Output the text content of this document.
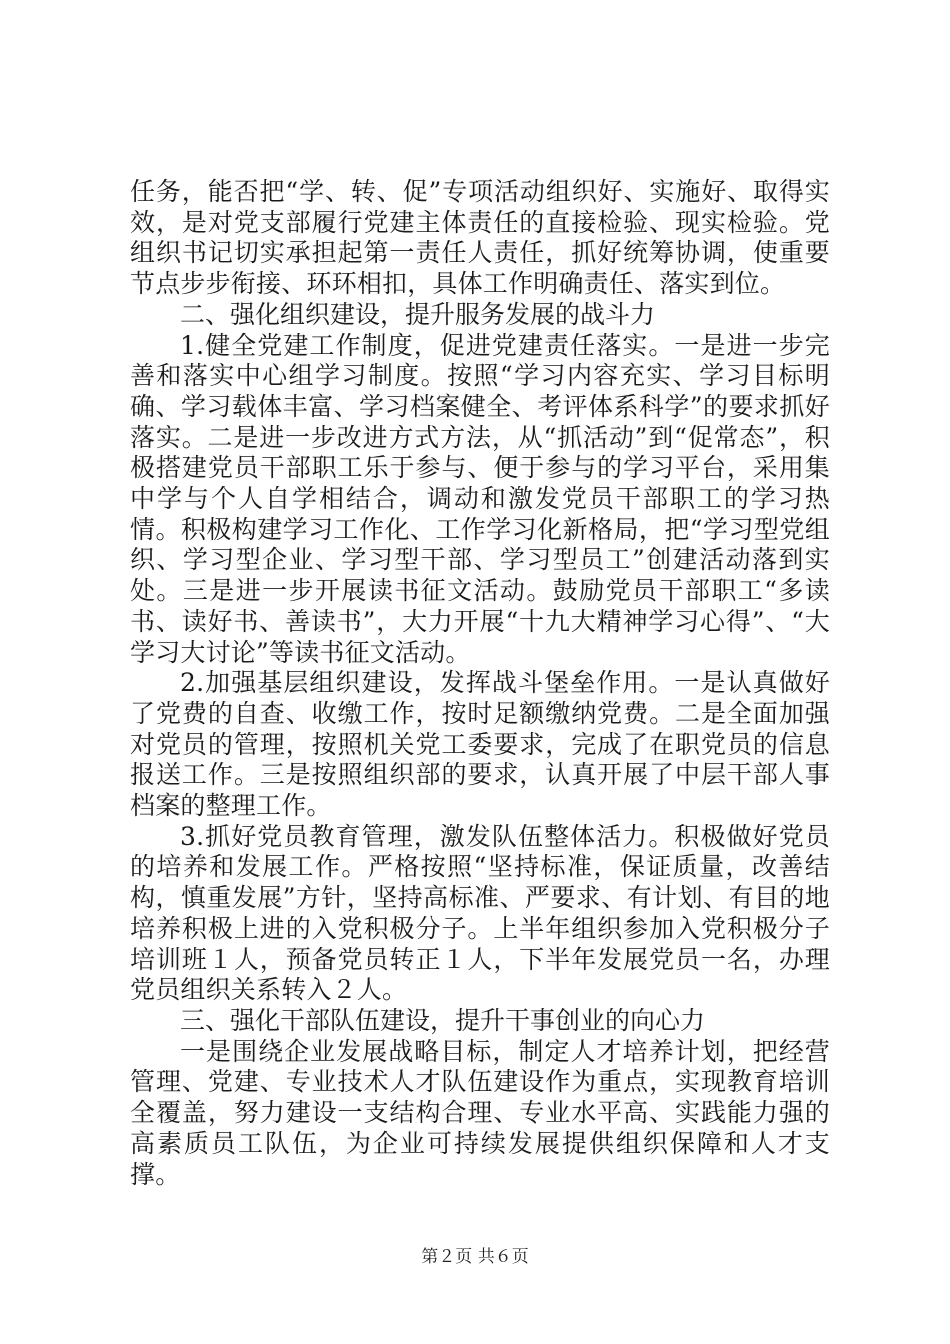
任务，能否把“学、转、促”专项活动组织好、实施好、取得实效，是对党支部履行党建主体责任的直接检验、现实检验。党组织书记切实承担起第一责任人责任，抓好统筹协调，使重要节点步步衔接、环环相扣，具体工作明确责任、落实到位。

二、强化组织建设，提升服务发展的战斗力

1.健全党建工作制度，促进党建责任落实。一是进一步完善和落实中心组学习制度。按照“学习内容充实、学习目标明确、学习载体丰富、学习档案健全、考评体系科学”的要求抓好落实。二是进一步改进方式方法，从“抓活动”到“促常态”，积极搭建党员干部职工乐于参与、便于参与的学习平台，采用集中学与个人自学相结合，调动和激发党员干部职工的学习热情。积极构建学习工作化、工作学习化新格局，把“学习型党组织、学习型企业、学习型干部、学习型员工”创建活动落到实处。三是进一步开展读书征文活动。鼓励党员干部职工“多读书、读好书、善读书”，大力开展“十九大精神学习心得”、“大学习大讨论”等读书征文活动。

2.加强基层组织建设，发挥战斗堡垒作用。一是认真做好了党费的自查、收缴工作，按时足额缴纳党费。二是全面加强对党员的管理，按照机关党工委要求，完成了在职党员的信息报送工作。三是按照组织部的要求，认真开展了中层干部人事档案的整理工作。

3.抓好党员教育管理，激发队伍整体活力。积极做好党员的培养和发展工作。严格按照“坚持标准，保证质量，改善结构，慎重发展”方针，坚持高标准、严要求、有计划、有目的地培养积极上进的入党积极分子。上半年组织参加入党积极分子培训班１人，预备党员转正１人，下半年发展党员一名，办理党员组织关系转入２人。

三、强化干部队伍建设，提升干事创业的向心力

一是围绕企业发展战略目标，制定人才培养计划，把经营管理、党建、专业技术人才队伍建设作为重点，实现教育培训全覆盖，努力建设一支结构合理、专业水平高、实践能力强的高素质员工队伍，为企业可持续发展提供组织保障和人才支撑。

第２页 共６页
